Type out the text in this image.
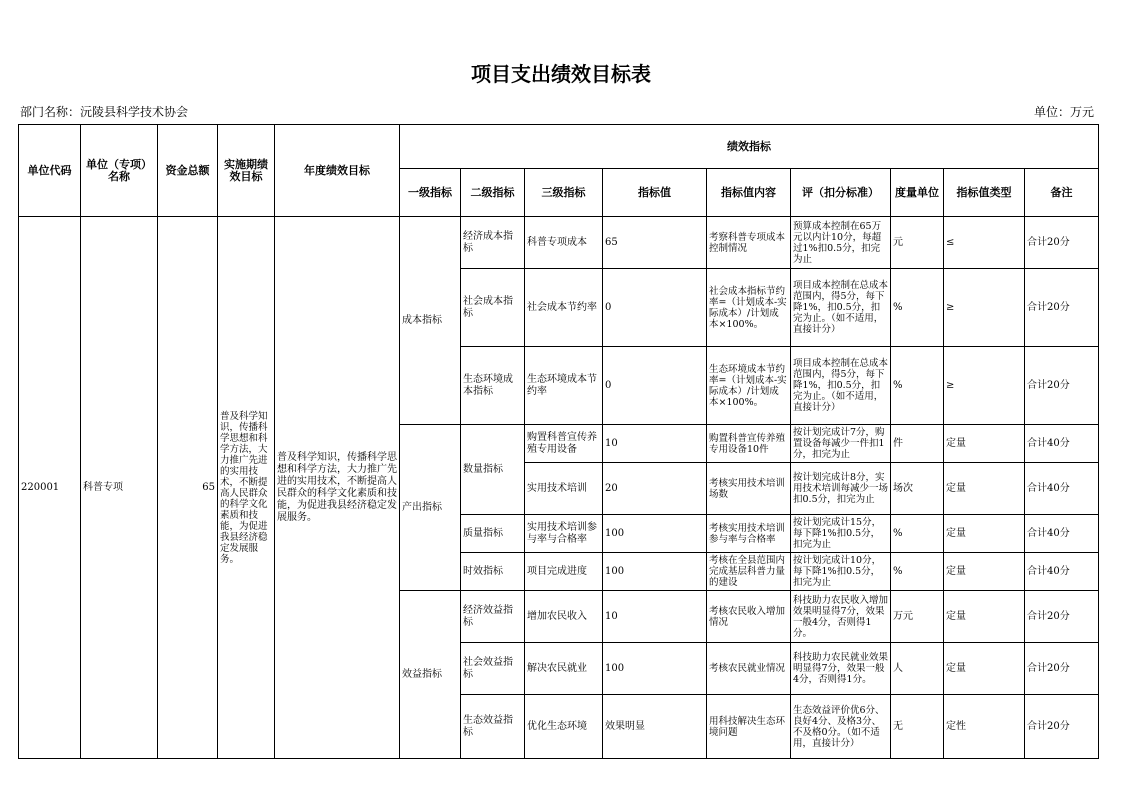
项目支出绩效目标表
部门名称：沅陵县科学技术协会	单位：万元
单位代码	单位（专项）名称	资金总额	实施期绩效目标	年度绩效目标	绩效指标								
					一级指标	二级指标	三级指标	指标值	指标值内容	评（扣分标准）	度量单位	指标值类型	备注
220001	科普专项	65	普及科学知识，传播科学思想和科学方法，大力推广先进的实用技术，不断提高人民群众的科学文化素质和技能，为促进我县经济稳定发展服务。	普及科学知识，传播科学思想和科学方法，大力推广先进的实用技术，不断提高人民群众的科学文化素质和技能，为促进我县经济稳定发展服务。	成本指标	经济成本指标	科普专项成本	65	考察科普专项成本控制情况	预算成本控制在65万元以内计10分，每超过1%扣0.5分，扣完为止	元	≤	合计20分
						社会成本指标	社会成本节约率	0	社会成本指标节约率=（计划成本-实际成本）/计划成本×100%。	项目成本控制在总成本范围内，得5分，每下降1%，扣0.5分，扣完为止。（如不适用，直接计分）	%	≥	合计20分
						生态环境成本指标	生态环境成本节约率	0	生态环境成本节约率=（计划成本-实际成本）/计划成本×100%。	项目成本控制在总成本范围内，得5分，每下降1%，扣0.5分，扣完为止。（如不适用，直接计分）	%	≥	合计20分
					产出指标	数量指标	购置科普宣传养殖专用设备	10	购置科普宣传养殖专用设备10件	按计划完成计7分，购置设备每减少一件扣1分，扣完为止	件	定量	合计40分
							实用技术培训	20	考核实用技术培训场数	按计划完成计8分，实用技术培训每减少一场扣0.5分，扣完为止	场次	定量	合计40分
						质量指标	实用技术培训参与率与合格率	100	考核实用技术培训参与率与合格率	按计划完成计15分，每下降1%扣0.5分，扣完为止	%	定量	合计40分
						时效指标	项目完成进度	100	考核在全县范围内完成基层科普力量的建设	按计划完成计10分，每下降1%扣0.5分，扣完为止	%	定量	合计40分
					效益指标	经济效益指标	增加农民收入	10	考核农民收入增加情况	科技助力农民收入增加效果明显得7分，效果一般4分，否则得1分。	万元	定量	合计20分
						社会效益指标	解决农民就业	100	考核农民就业情况	科技助力农民就业效果明显得7分，效果一般4分，否则得1分。	人	定量	合计20分
						生态效益指标	优化生态环境	效果明显	用科技解决生态环境问题	生态效益评价优6分、良好4分、及格3分、不及格0分。（如不适用，直接计分）	无	定性	合计20分
